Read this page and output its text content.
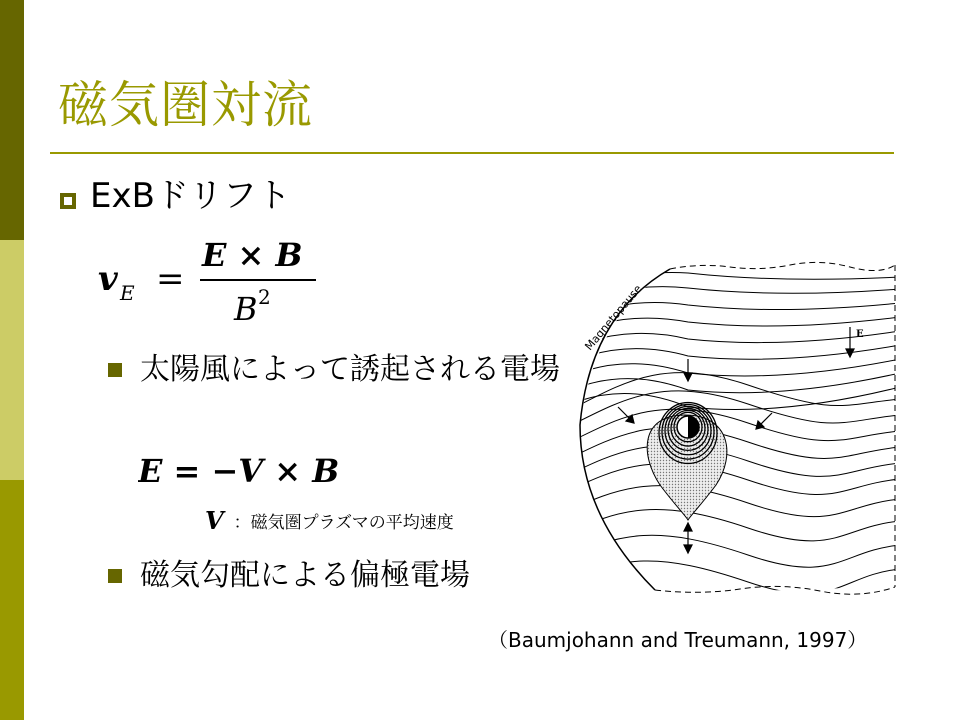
磁気圏対流
ExBドリフト
v E =
E × B
B 2
太陽風によって誘起される電場
E = −V × B
V ： 磁気圏プラズマの平均速度
磁気勾配による偏極電場
E
Magnetopause
（Baumjohann and Treumann, 1997）
